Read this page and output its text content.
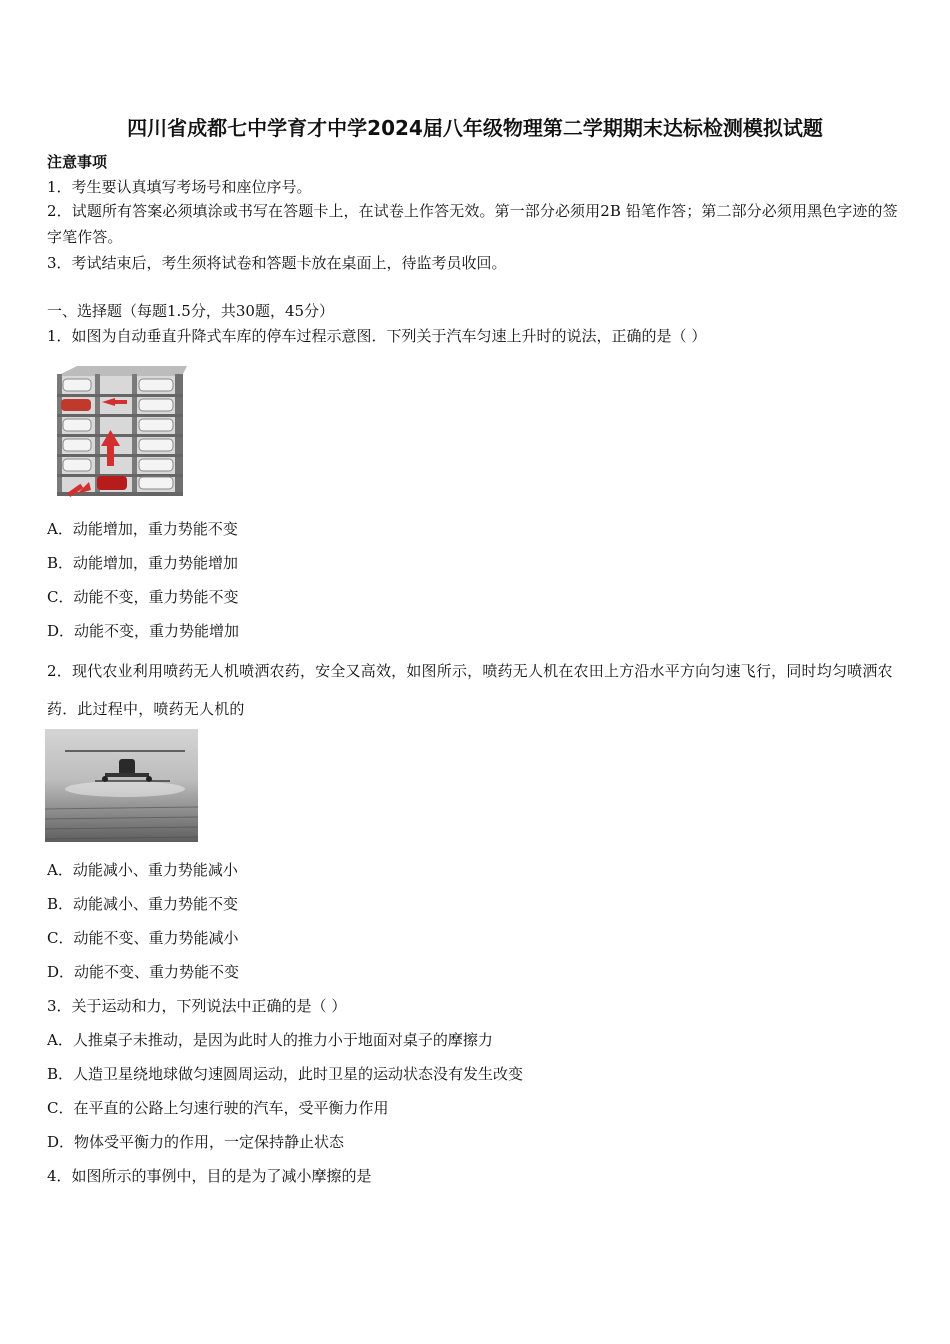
四川省成都七中学育才中学2024届八年级物理第二学期期末达标检测模拟试题
注意事项
1．考生要认真填写考场号和座位序号。
2．试题所有答案必须填涂或书写在答题卡上，在试卷上作答无效。第一部分必须用2B 铅笔作答；第二部分必须用黑色字迹的签字笔作答。
3．考试结束后，考生须将试卷和答题卡放在桌面上，待监考员收回。
一、选择题（每题1.5分，共30题，45分）
1．如图为自动垂直升降式车库的停车过程示意图．下列关于汽车匀速上升时的说法，正确的是（ ）
A．动能增加，重力势能不变
B．动能增加，重力势能增加
C．动能不变，重力势能不变
D．动能不变，重力势能增加
2．现代农业利用喷药无人机喷洒农药，安全又高效，如图所示，喷药无人机在农田上方沿水平方向匀速飞行，同时均匀喷洒农药．此过程中，喷药无人机的
A．动能减小、重力势能减小
B．动能减小、重力势能不变
C．动能不变、重力势能减小
D．动能不变、重力势能不变
3．关于运动和力，下列说法中正确的是（ ）
A．人推桌子未推动，是因为此时人的推力小于地面对桌子的摩擦力
B．人造卫星绕地球做匀速圆周运动，此时卫星的运动状态没有发生改变
C．在平直的公路上匀速行驶的汽车，受平衡力作用
D．物体受平衡力的作用，一定保持静止状态
4．如图所示的事例中，目的是为了减小摩擦的是
